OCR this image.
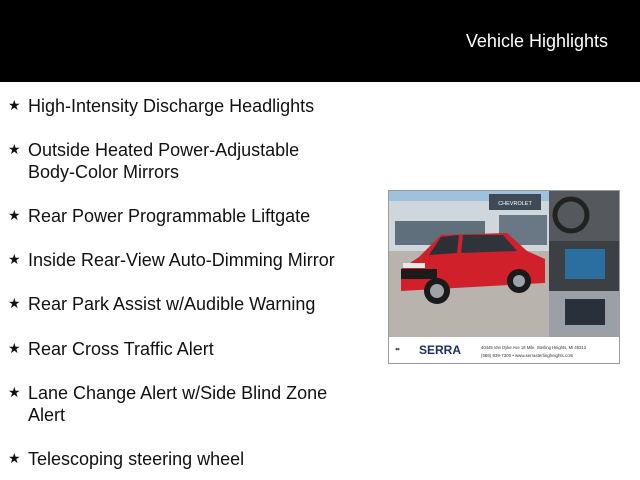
Vehicle Highlights
★ High-Intensity Discharge Headlights
★ Outside Heated Power-Adjustable
Body-Color Mirrors
★ Rear Power Programmable Liftgate
★ Inside Rear-View Auto-Dimming Mirror
★ Rear Park Assist w/Audible Warning
★ Rear Cross Traffic Alert
★ Lane Change Alert w/Side Blind Zone
Alert
★ Telescoping steering wheel
CHEVROLET
⬌ SERRA	40445 Van Dyke Ave 18 Mile, Sterling Heights, MI 48313
(586) 939-7300 • www.serrasterlingheights.com
